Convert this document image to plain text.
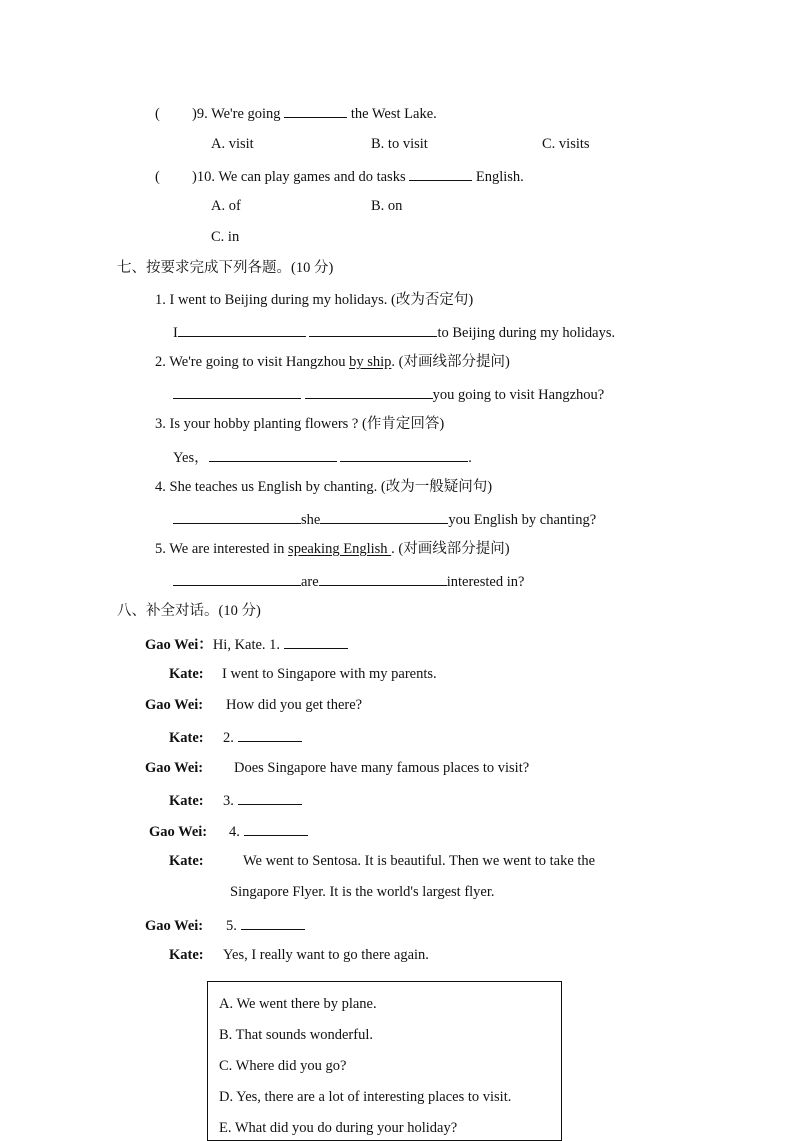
( )9. We're going	the West Lake.
A. visit	B. to visit	C. visits
( )10. We can play games and do tasks	English.
A. of	B. on
C. in
七、按要求完成下列各题。(10 分)
1. I went to Beijing during my holidays. (改为否定句)
I	to Beijing during my holidays.
2. We're going to visit Hangzhou by ship. (对画线部分提问)
you going to visit Hangzhou?
3. Is your hobby planting flowers ? (作肯定回答)
Yes，	.
4. She teaches us English by chanting. (改为一般疑问句)
she	you English by chanting?
5. We are interested in speaking English . (对画线部分提问)
are	interested in?
八、补全对话。(10 分)
Gao Wei：Hi, Kate. 1.
Kate: I went to Singapore with my parents.
Gao Wei: How did you get there?
Kate: 2.
Gao Wei: Does Singapore have many famous places to visit?
Kate: 3.
Gao Wei: 4.
Kate:	We went to Sentosa. It is beautiful. Then we went to take the
Singapore Flyer. It is the world's largest flyer.
Gao Wei: 5.
Kate: Yes, I really want to go there again.
A. We went there by plane.
B. That sounds wonderful.
C. Where did you go?
D. Yes, there are a lot of interesting places to visit.
E. What did you do during your holiday?
